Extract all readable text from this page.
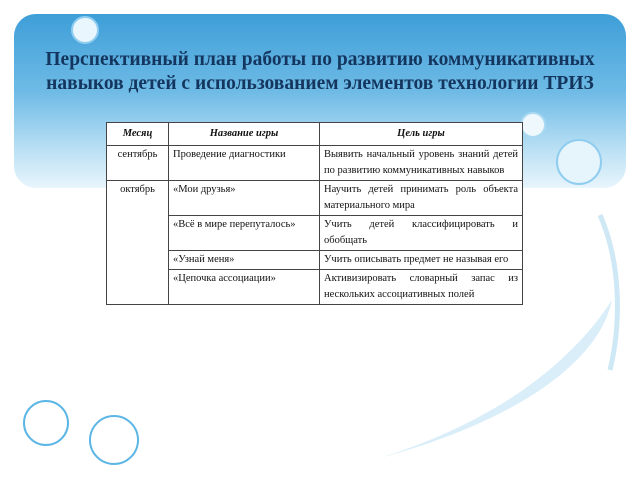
Перспективный план работы по развитию коммуникативных
навыков детей с использованием элементов технологии ТРИЗ
Месяц	Название игры	Цель игры
сентябрь	Проведение диагностики	Выявить начальный уровень знаний детей по развитию коммуникативных навыков
октябрь	«Мои друзья»	Научить детей принимать роль объекта материального мира
	«Всё в мире перепуталось»	Учить детей классифицировать и обобщать
	«Узнай меня»	Учить описывать предмет не называя его
	«Цепочка ассоциации»	Активизировать словарный запас из нескольких ассоциативных полей
